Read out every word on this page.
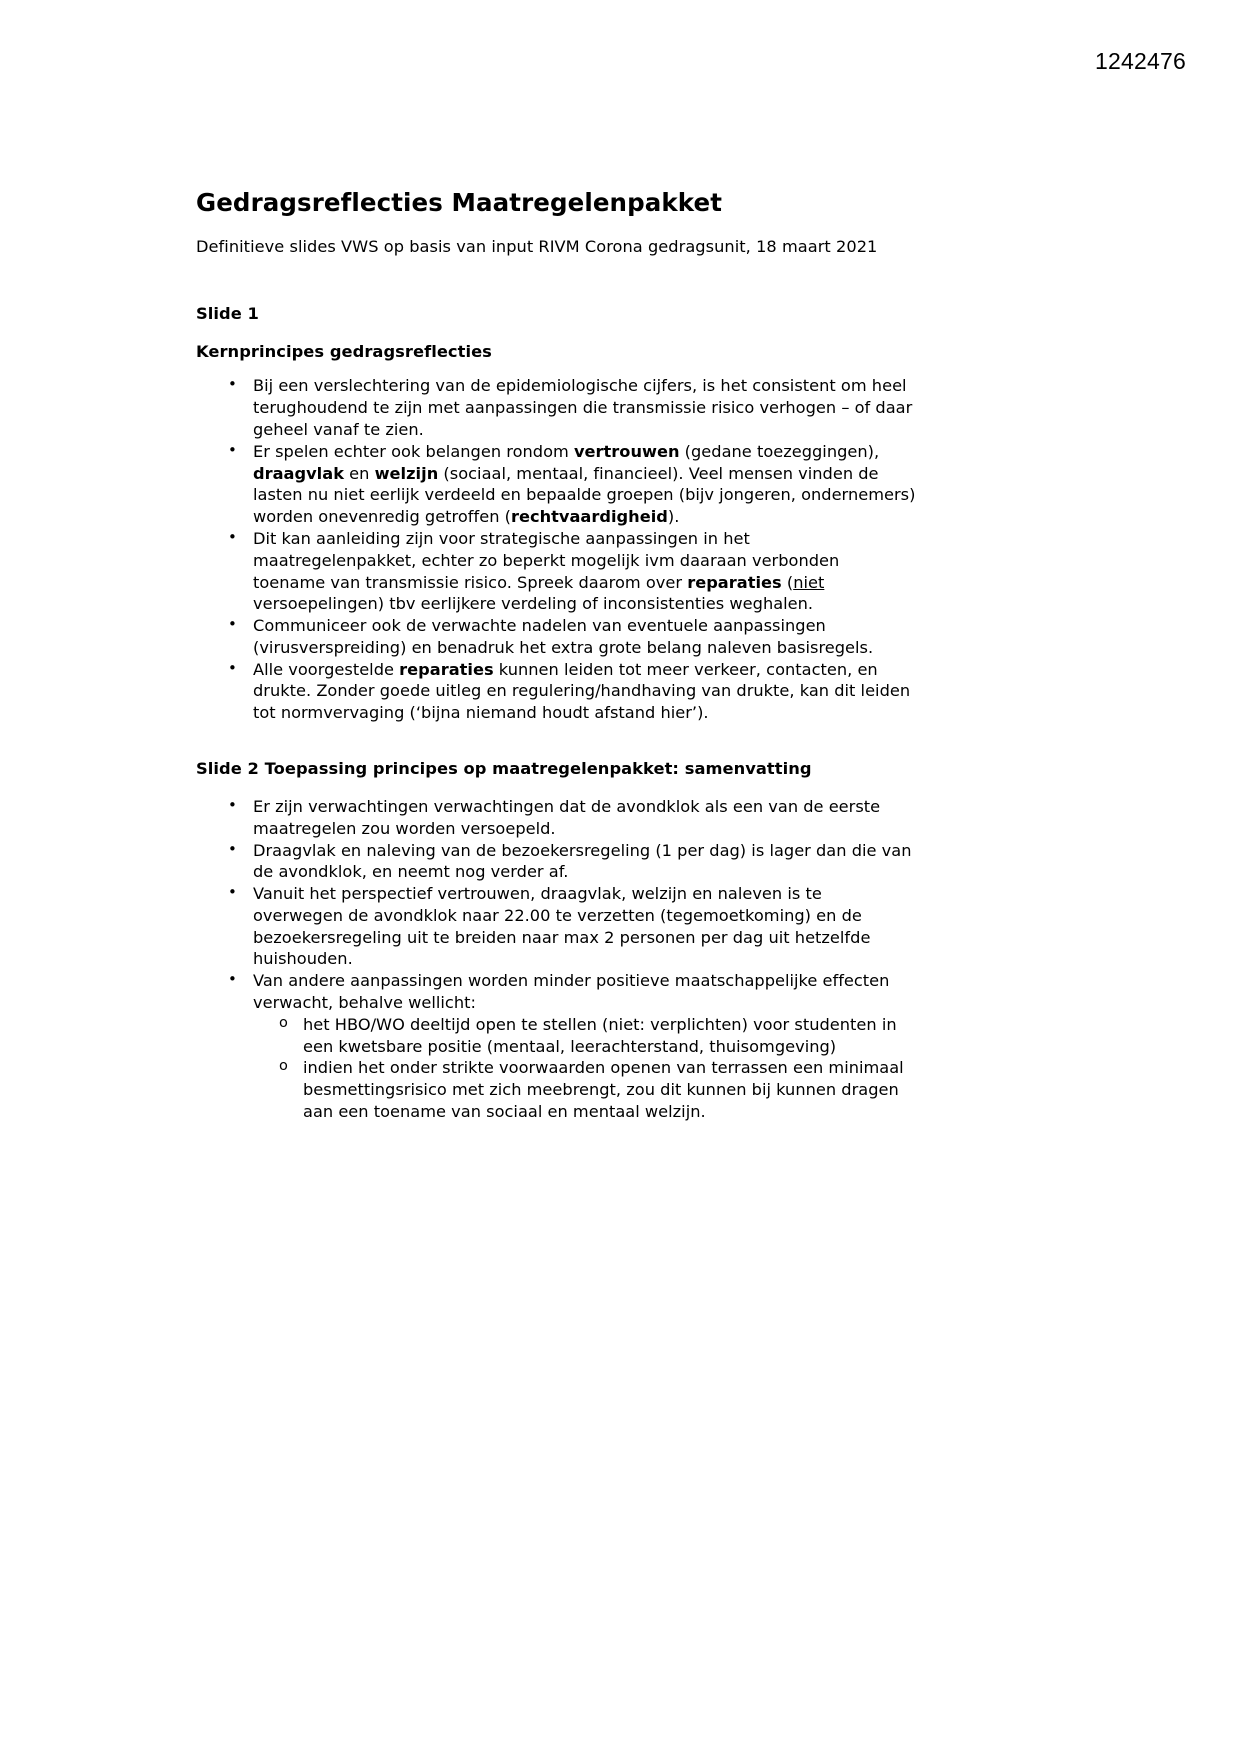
1242476
Gedragsreflecties Maatregelenpakket

Definitieve slides VWS op basis van input RIVM Corona gedragsunit, 18 maart 2021

Slide 1
Kernprincipes gedragsreflecties
• Bij een verslechtering van de epidemiologische cijfers, is het consistent om heel terughoudend te zijn met aanpassingen die transmissie risico verhogen – of daar geheel vanaf te zien.
• Er spelen echter ook belangen rondom vertrouwen (gedane toezeggingen), draagvlak en welzijn (sociaal, mentaal, financieel). Veel mensen vinden de lasten nu niet eerlijk verdeeld en bepaalde groepen (bijv jongeren, ondernemers) worden onevenredig getroffen (rechtvaardigheid).
• Dit kan aanleiding zijn voor strategische aanpassingen in het maatregelenpakket, echter zo beperkt mogelijk ivm daaraan verbonden toename van transmissie risico. Spreek daarom over reparaties (niet versoepelingen) tbv eerlijkere verdeling of inconsistenties weghalen.
• Communiceer ook de verwachte nadelen van eventuele aanpassingen (virusverspreiding) en benadruk het extra grote belang naleven basisregels.
• Alle voorgestelde reparaties kunnen leiden tot meer verkeer, contacten, en drukte. Zonder goede uitleg en regulering/handhaving van drukte, kan dit leiden tot normvervaging (‘bijna niemand houdt afstand hier’).
Slide 2 Toepassing principes op maatregelenpakket: samenvatting
• Er zijn verwachtingen verwachtingen dat de avondklok als een van de eerste maatregelen zou worden versoepeld.
• Draagvlak en naleving van de bezoekersregeling (1 per dag) is lager dan die van de avondklok, en neemt nog verder af.
• Vanuit het perspectief vertrouwen, draagvlak, welzijn en naleven is te overwegen de avondklok naar 22.00 te verzetten (tegemoetkoming) en de bezoekersregeling uit te breiden naar max 2 personen per dag uit hetzelfde huishouden.
• Van andere aanpassingen worden minder positieve maatschappelijke effecten verwacht, behalve wellicht:
o het HBO/WO deeltijd open te stellen (niet: verplichten) voor studenten in een kwetsbare positie (mentaal, leerachterstand, thuisomgeving)
o indien het onder strikte voorwaarden openen van terrassen een minimaal besmettingsrisico met zich meebrengt, zou dit kunnen bij kunnen dragen aan een toename van sociaal en mentaal welzijn.
